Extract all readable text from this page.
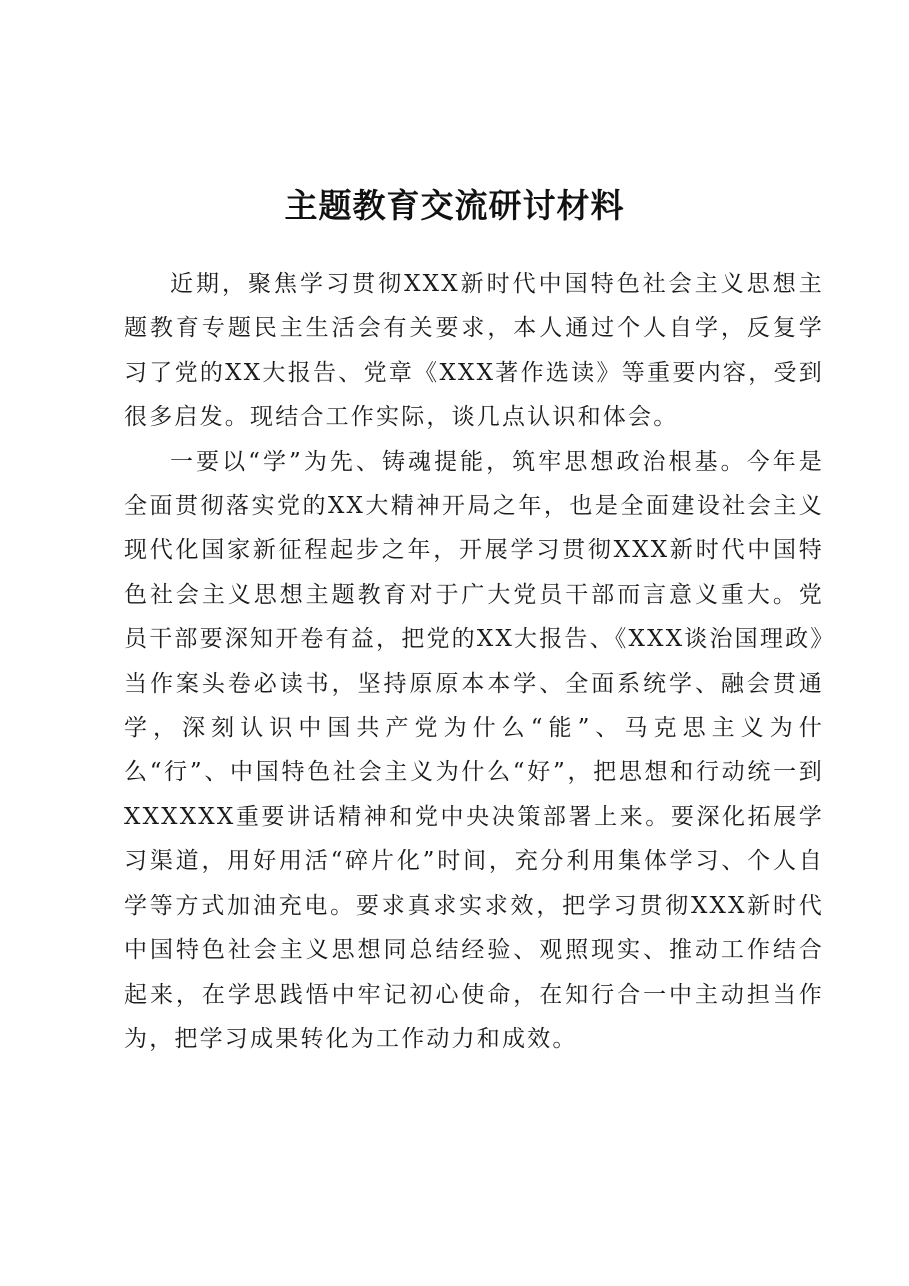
主题教育交流研讨材料

近期，聚焦学习贯彻XXX新时代中国特色社会主义思想主题教育专题民主生活会有关要求，本人通过个人自学，反复学习了党的XX大报告、党章《XXX著作选读》等重要内容，受到很多启发。现结合工作实际，谈几点认识和体会。

一要以“学”为先、铸魂提能，筑牢思想政治根基。今年是全面贯彻落实党的XX大精神开局之年，也是全面建设社会主义现代化国家新征程起步之年，开展学习贯彻XXX新时代中国特色社会主义思想主题教育对于广大党员干部而言意义重大。党员干部要深知开卷有益，把党的XX大报告、《XXX谈治国理政》当作案头卷必读书，坚持原原本本学、全面系统学、融会贯通学，深刻认识中国共产党为什么“能”、马克思主义为什么“行”、中国特色社会主义为什么“好”，把思想和行动统一到XXXXXX重要讲话精神和党中央决策部署上来。要深化拓展学习渠道，用好用活“碎片化”时间，充分利用集体学习、个人自学等方式加油充电。要求真求实求效，把学习贯彻XXX新时代中国特色社会主义思想同总结经验、观照现实、推动工作结合起来，在学思践悟中牢记初心使命，在知行合一中主动担当作为，把学习成果转化为工作动力和成效。
